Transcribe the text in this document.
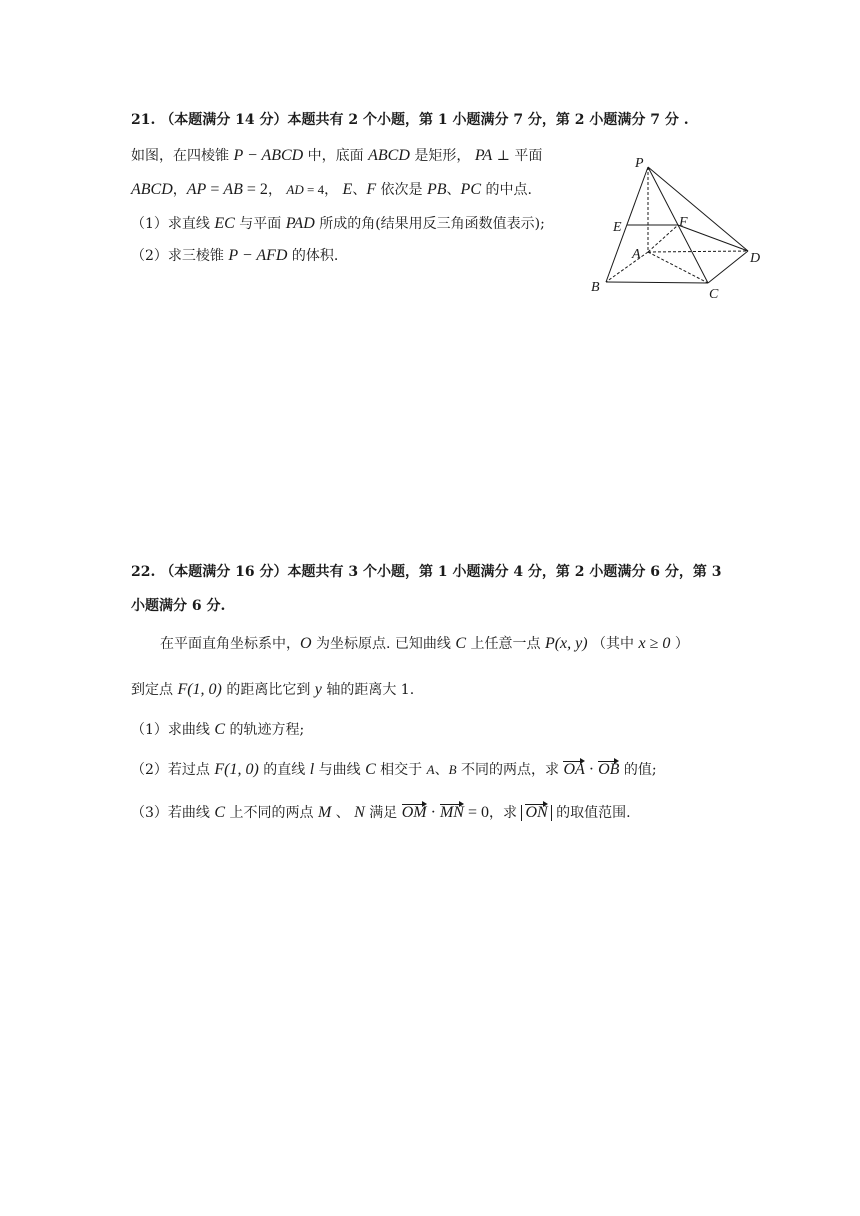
21. （本题满分 14 分）本题共有 2 个小题，第 1 小题满分 7 分，第 2 小题满分 7 分 .
如图，在四棱锥 P − ABCD 中，底面 ABCD 是矩形， PA ⊥ 平面
ABCD，AP = AB = 2， AD = 4， E、F 依次是 PB、PC 的中点.
（1）求直线 EC 与平面 PAD 所成的角(结果用反三角函数值表示);
（2）求三棱锥 P − AFD 的体积.
P
E	F
A	D
B	C
22. （本题满分 16 分）本题共有 3 个小题，第 1 小题满分 4 分，第 2 小题满分 6 分，第 3
小题满分 6 分.
在平面直角坐标系中，O 为坐标原点. 已知曲线 C 上任意一点 P(x, y) （其中 x ≥ 0 ）
到定点 F(1, 0) 的距离比它到 y 轴的距离大 1.
（1）求曲线 C 的轨迹方程;
（2）若过点 F(1, 0) 的直线 l 与曲线 C 相交于 A、B 不同的两点，求 OA · OB 的值;
（3）若曲线 C 上不同的两点 M 、 N 满足 OM · MN = 0，求 ON 的取值范围.
